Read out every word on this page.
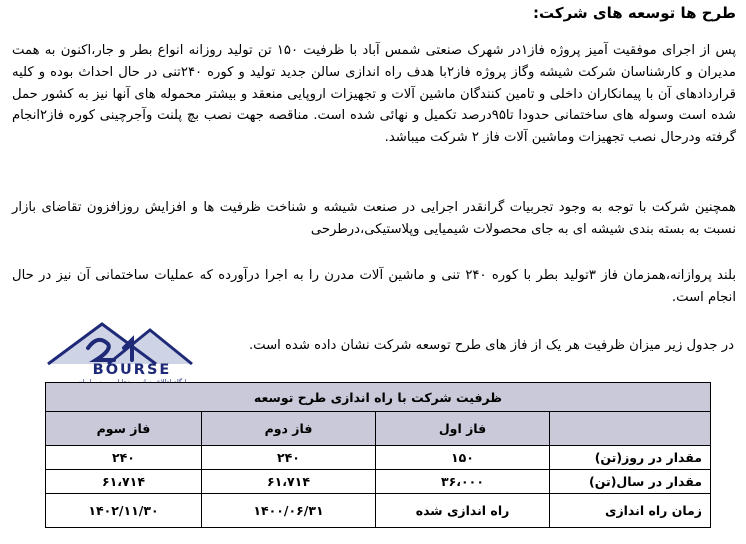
طرح ها توسعه های شرکت:

پس از اجرای موفقیت آمیز پروژه فاز۱در شهرک صنعتی شمس آباد با ظرفیت ۱۵۰ تن تولید روزانه انواع بطر و جار،اکنون به همت مدیران و کارشناسان شرکت شیشه وگاز پروژه فاز۲با هدف راه اندازی سالن جدید تولید و کوره ۲۴۰تنی در حال احداث بوده و کلیه قراردادهای آن با پیمانکاران داخلی و تامین کنندگان ماشین آلات و تجهیزات اروپایی منعقد و بیشتر محموله های آنها نیز به کشور حمل شده است وسوله های ساختمانی حدودا تا۹۵درصد تکمیل و نهائی شده است. مناقصه جهت نصب بچ پلنت وآجرچینی کوره فاز۲انجام گرفته ودرحال نصب تجهیزات وماشین آلات فاز ۲ شرکت میباشد.

همچنین شرکت با توجه به وجود تجربیات گرانقدر اجرایی در صنعت شیشه و شناخت ظرفیت ها و افزایش روزافزون تقاضای بازار نسبت به بسته بندی شیشه ای به جای محصولات شیمیایی وپلاستیکی،درطرحی

بلند پروازانه،همزمان فاز ۳تولید بطر با کوره ۲۴۰ تنی و ماشین آلات مدرن را به اجرا درآورده که عملیات ساختمانی آن نیز در حال انجام است.

در جدول زیر میزان ظرفیت هر یک از فاز های طرح توسعه شرکت نشان داده شده است.

BOURSE
ظرفیت شرکت با راه اندازی طرح توسعه			
	فاز اول	فاز دوم	فاز سوم
مقدار در روز(تن)	۱۵۰	۲۴۰	۲۴۰
مقدار در سال(تن)	۳۶،۰۰۰	۶۱،۷۱۴	۶۱،۷۱۴
زمان راه اندازی	راه اندازی شده	۱۴۰۰/۰۶/۳۱	۱۴۰۲/۱۱/۳۰
